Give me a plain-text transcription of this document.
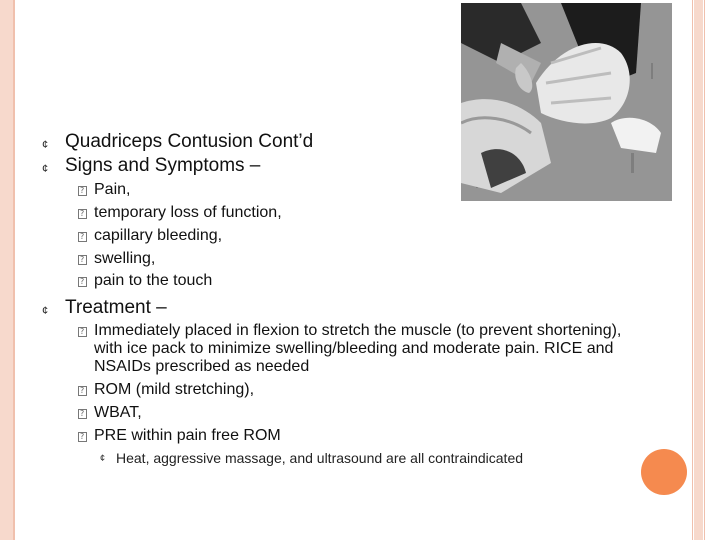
¢ Quadriceps Contusion Cont’d
¢ Signs and Symptoms –
?
Pain,
?
temporary loss of function,
?
capillary bleeding,
?
swelling,
?
pain to the touch
¢ Treatment –
?
Immediately placed in flexion to stretch the muscle (to prevent shortening), with ice pack to minimize swelling/bleeding and moderate pain. RICE and NSAIDs prescribed as needed
?
ROM (mild stretching),
?
WBAT,
?
PRE within pain free ROM
¢ Heat, aggressive massage, and ultrasound are all contraindicated
